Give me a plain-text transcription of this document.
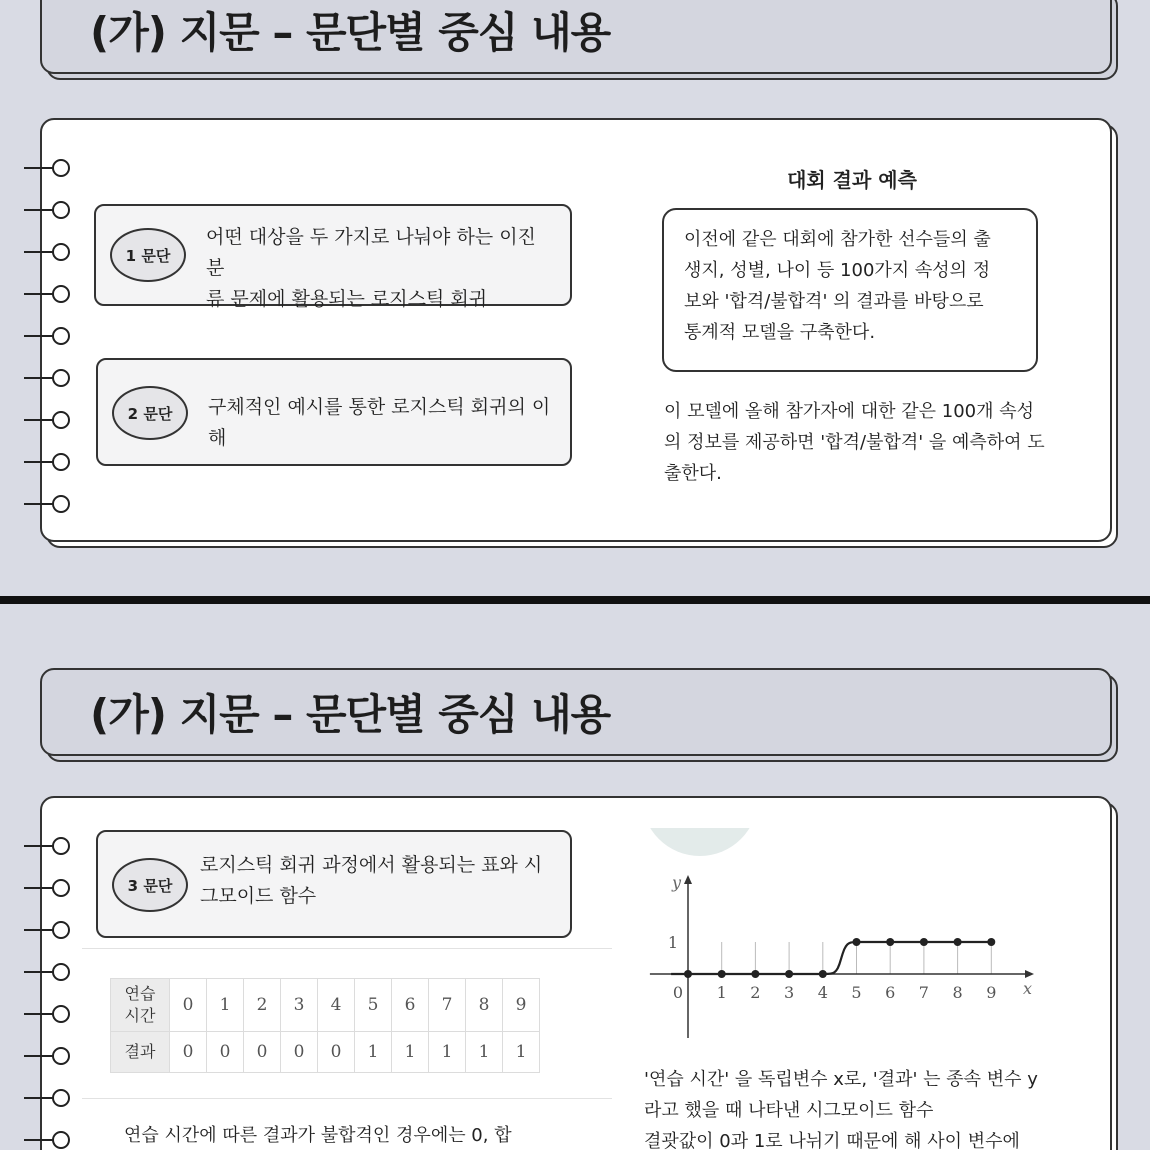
(가) 지문 – 문단별 중심 내용
1 문단
어떤 대상을 두 가지로 나눠야 하는 이진 분
류 문제에 활용되는 로지스틱 회귀
2 문단	구체적인 예시를 통한 로지스틱 회귀의 이해
대회 결과 예측
이전에 같은 대회에 참가한 선수들의 출
생지, 성별, 나이 등 100가지 속성의 정
보와 '합격/불합격' 의 결과를 바탕으로
통계적 모델을 구축한다.
이 모델에 올해 참가자에 대한 같은 100개 속성
의 정보를 제공하면 '합격/불합격' 을 예측하여 도
출한다.
(가) 지문 – 문단별 중심 내용
3 문단
로지스틱 회귀 과정에서 활용되는 표와 시
그모이드 함수
연습
시간	0	1	2	3	4	5	6	7	8	9
결과	0	0	0	0	0	1	1	1	1	1
연습 시간에 따른 결과가 불합격인 경우에는 0, 합
x
y
0 1 2 3 4 5 6 7 8 9
1
'연습 시간' 을 독립변수 x로, '결과' 는 종속 변수 y
라고 했을 때 나타낸 시그모이드 함수
결괏값이 0과 1로 나뉘기 때문에 해 사이 변수에
